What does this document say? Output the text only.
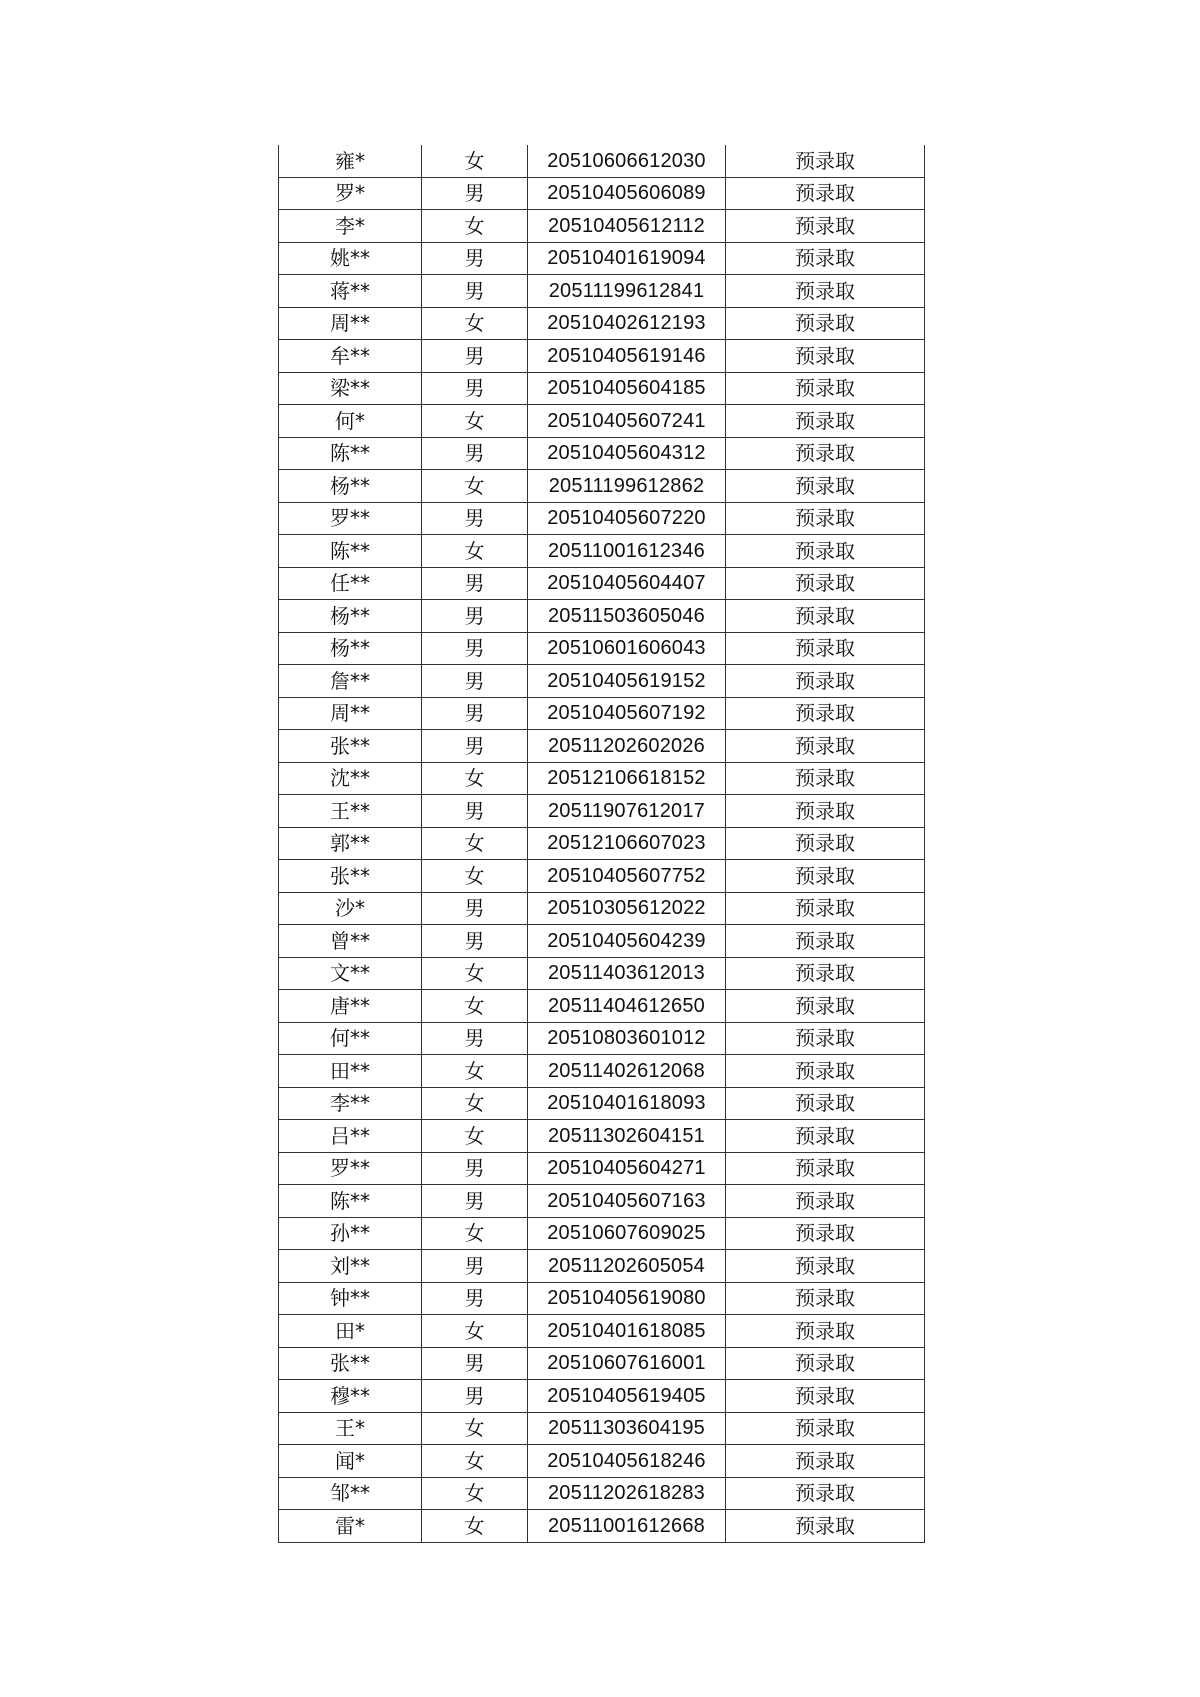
雍*	女	20510606612030	预录取
罗*	男	20510405606089	预录取
李*	女	20510405612112	预录取
姚**	男	20510401619094	预录取
蒋**	男	20511199612841	预录取
周**	女	20510402612193	预录取
牟**	男	20510405619146	预录取
梁**	男	20510405604185	预录取
何*	女	20510405607241	预录取
陈**	男	20510405604312	预录取
杨**	女	20511199612862	预录取
罗**	男	20510405607220	预录取
陈**	女	20511001612346	预录取
任**	男	20510405604407	预录取
杨**	男	20511503605046	预录取
杨**	男	20510601606043	预录取
詹**	男	20510405619152	预录取
周**	男	20510405607192	预录取
张**	男	20511202602026	预录取
沈**	女	20512106618152	预录取
王**	男	20511907612017	预录取
郭**	女	20512106607023	预录取
张**	女	20510405607752	预录取
沙*	男	20510305612022	预录取
曾**	男	20510405604239	预录取
文**	女	20511403612013	预录取
唐**	女	20511404612650	预录取
何**	男	20510803601012	预录取
田**	女	20511402612068	预录取
李**	女	20510401618093	预录取
吕**	女	20511302604151	预录取
罗**	男	20510405604271	预录取
陈**	男	20510405607163	预录取
孙**	女	20510607609025	预录取
刘**	男	20511202605054	预录取
钟**	男	20510405619080	预录取
田*	女	20510401618085	预录取
张**	男	20510607616001	预录取
穆**	男	20510405619405	预录取
王*	女	20511303604195	预录取
闻*	女	20510405618246	预录取
邹**	女	20511202618283	预录取
雷*	女	20511001612668	预录取
